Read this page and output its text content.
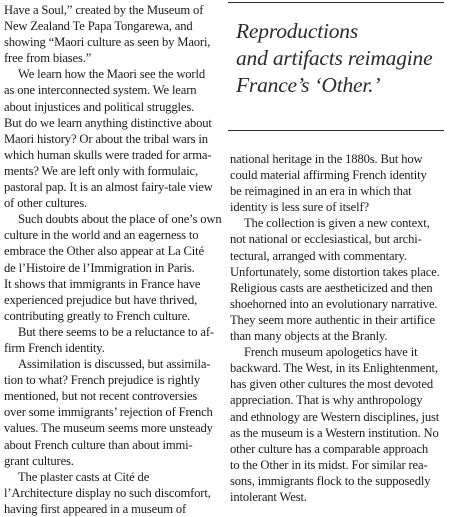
Have a Soul,” created by the Museum of
New Zealand Te Papa Tongarewa, and
showing “Maori culture as seen by Maori,
free from biases.”
We learn how the Maori see the world
as one interconnected system. We learn
about injustices and political struggles.
But do we learn anything distinctive about
Maori history? Or about the tribal wars in
which human skulls were traded for arma-
ments? We are left only with formulaic,
pastoral pap. It is an almost fairy-tale view
of other cultures.
Such doubts about the place of one’s own
culture in the world and an eagerness to
embrace the Other also appear at La Cité
de l’Histoire de l’Immigration in Paris.
It shows that immigrants in France have
experienced prejudice but have thrived,
contributing greatly to French culture.
But there seems to be a reluctance to af-
firm French identity.
Assimilation is discussed, but assimila-
tion to what? French prejudice is rightly
mentioned, but not recent controversies
over some immigrants’ rejection of French
values. The museum seems more unsteady
about French culture than about immi-
grant cultures.
The plaster casts at Cité de
l’Architecture display no such discomfort,
having first appeared in a museum of
Reproductions
and artifacts reimagine
France’s ‘Other.’
national heritage in the 1880s. But how
could material affirming French identity
be reimagined in an era in which that
identity is less sure of itself?
The collection is given a new context,
not national or ecclesiastical, but archi-
tectural, arranged with commentary.
Unfortunately, some distortion takes place.
Religious casts are aestheticized and then
shoehorned into an evolutionary narrative.
They seem more authentic in their artifice
than many objects at the Branly.
French museum apologetics have it
backward. The West, in its Enlightenment,
has given other cultures the most devoted
appreciation. That is why anthropology
and ethnology are Western disciplines, just
as the museum is a Western institution. No
other culture has a comparable approach
to the Other in its midst. For similar rea-
sons, immigrants flock to the supposedly
intolerant West.
